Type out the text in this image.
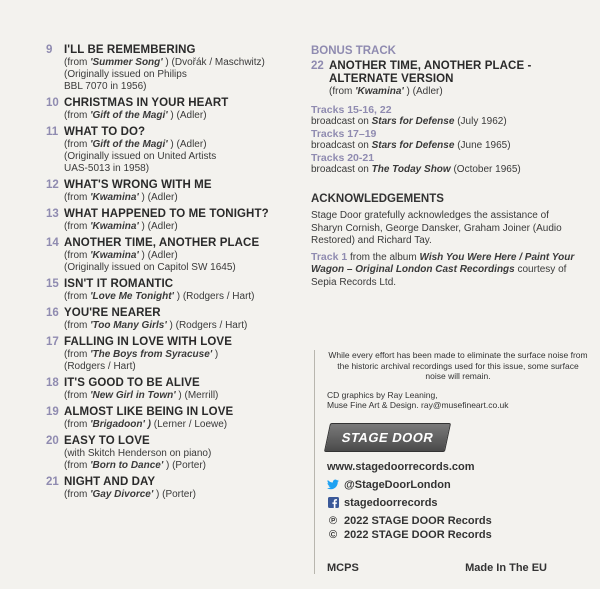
9	I'LL BE REMEMBERING
(from 'Summer Song' ) (Dvořák / Maschwitz)
(Originally issued on Philips
BBL 7070 in 1956)
10 CHRISTMAS IN YOUR HEART
(from 'Gift of the Magi' ) (Adler)
11 WHAT TO DO?
(from 'Gift of the Magi' ) (Adler)
(Originally issued on United Artists
UAS-5013 in 1958)
12 WHAT'S WRONG WITH ME
(from 'Kwamina' ) (Adler)
13 WHAT HAPPENED TO ME TONIGHT?
(from 'Kwamina' ) (Adler)
14 ANOTHER TIME, ANOTHER PLACE
(from 'Kwamina' ) (Adler)
(Originally issued on Capitol SW 1645)
15 ISN'T IT ROMANTIC
(from 'Love Me Tonight' ) (Rodgers / Hart)
16 YOU'RE NEARER
(from 'Too Many Girls' ) (Rodgers / Hart)
17 FALLING IN LOVE WITH LOVE
(from 'The Boys from Syracuse' )
(Rodgers / Hart)
18 IT'S GOOD TO BE ALIVE
(from 'New Girl in Town' ) (Merrill)
19 ALMOST LIKE BEING IN LOVE
(from 'Brigadoon' ) (Lerner / Loewe)
20 EASY TO LOVE
(with Skitch Henderson on piano)
(from 'Born to Dance' ) (Porter)
21 NIGHT AND DAY
(from 'Gay Divorce' ) (Porter)
BONUS TRACK
22 ANOTHER TIME, ANOTHER PLACE -
ALTERNATE VERSION
(from 'Kwamina' ) (Adler)
Tracks 15-16, 22
broadcast on Stars for Defense (July 1962)
Tracks 17–19
broadcast on Stars for Defense (June 1965)
Tracks 20-21
broadcast on The Today Show (October 1965)
ACKNOWLEDGEMENTS
Stage Door gratefully acknowledges the assistance of Sharyn Cornish, George Dansker, Graham Joiner (Audio Restored) and Richard Tay.
Track 1 from the album Wish You Were Here / Paint Your Wagon – Original London Cast Recordings courtesy of Sepia Records Ltd.
While every effort has been made to eliminate the surface noise from the historic archival recordings used for this issue, some surface noise will remain.
CD graphics by Ray Leaning,
Muse Fine Art & Design. ray@musefineart.co.uk
STAGE DOOR
www.stagedoorrecords.com
@StageDoorLondon
stagedoorrecords
℗ 2022 STAGE DOOR Records
© 2022 STAGE DOOR Records
MCPS	Made In The EU
